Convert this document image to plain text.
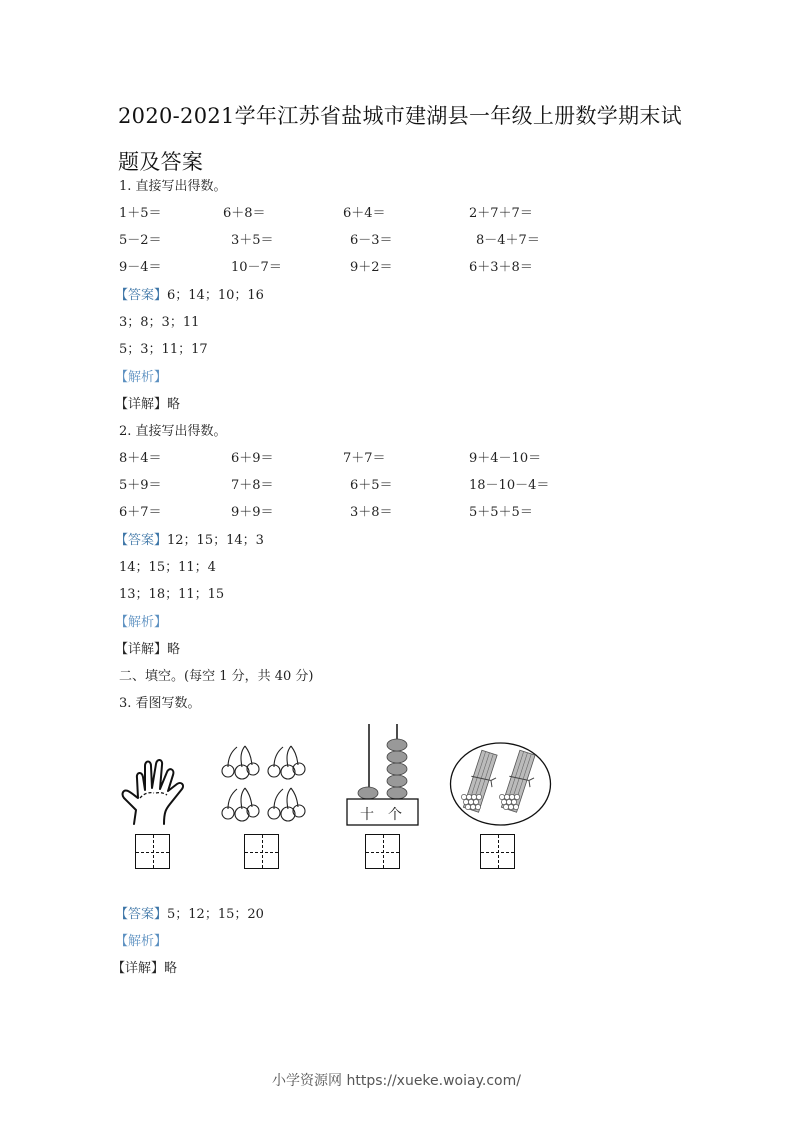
2020-2021学年江苏省盐城市建湖县一年级上册数学期末试题及答案
1. 直接写出得数。
1＋5＝	6＋8＝	6＋4＝	2＋7＋7＝
5－2＝	3＋5＝	6－3＝	8－4＋7＝
9－4＝	10－7＝	9＋2＝	6＋3＋8＝
【答案】6；14；10；16
3；8；3；11
5；3；11；17
【解析】
【详解】略
2. 直接写出得数。
8＋4＝	6＋9＝	7＋7＝	9＋4－10＝
5＋9＝	7＋8＝	6＋5＝	18－10－4＝
6＋7＝	9＋9＝	3＋8＝	5＋5＋5＝
【答案】12；15；14；3
14；15；11；4
13；18；11；15
【解析】
【详解】略
二、填空。(每空 1 分，共 40 分)
3. 看图写数。
十 个
【答案】5；12；15；20
【解析】
【详解】略
小学资源网 https://xueke.woiay.com/
